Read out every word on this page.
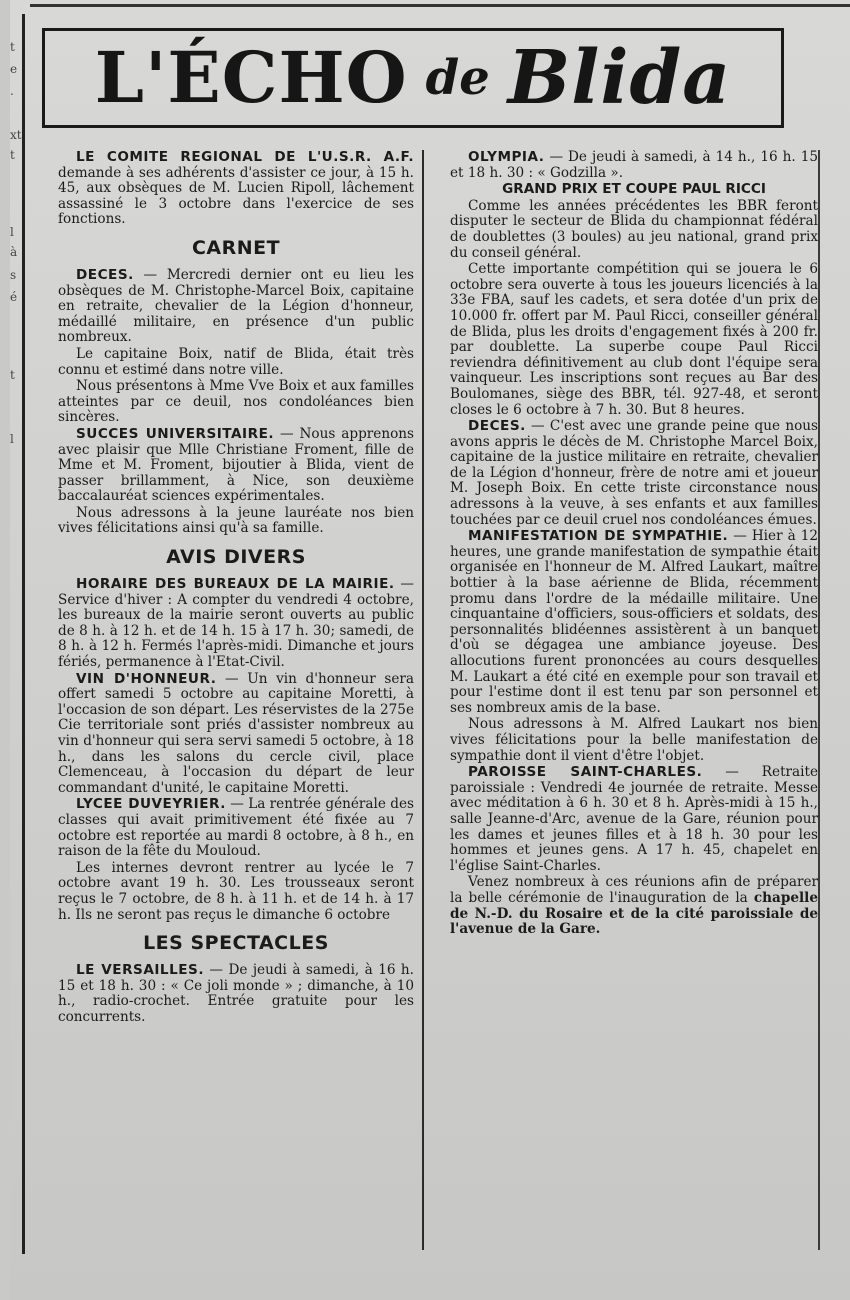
t
e
.
xt
t
l
à
s
é
t
l
L'ÉCHO de Blida

LE COMITE REGIONAL DE L'U.S.R. A.F. demande à ses adhérents d'assister ce jour, à 15 h. 45, aux obsèques de M. Lucien Ripoll, lâchement assassiné le 3 octobre dans l'exercice de ses fonctions.

CARNET

DECES. — Mercredi dernier ont eu lieu les obsèques de M. Christophe-Marcel Boix, capitaine en retraite, chevalier de la Légion d'honneur, médaillé militaire, en présence d'un public nombreux.

Le capitaine Boix, natif de Blida, était très connu et estimé dans notre ville.

Nous présentons à Mme Vve Boix et aux familles atteintes par ce deuil, nos condoléances bien sincères.

SUCCES UNIVERSITAIRE. — Nous apprenons avec plaisir que Mlle Christiane Froment, fille de Mme et M. Froment, bijoutier à Blida, vient de passer brillamment, à Nice, son deuxième baccalauréat sciences expérimentales.

Nous adressons à la jeune lauréate nos bien vives félicitations ainsi qu'à sa famille.

AVIS DIVERS

HORAIRE DES BUREAUX DE LA MAIRIE. — Service d'hiver : A compter du vendredi 4 octobre, les bureaux de la mairie seront ouverts au public de 8 h. à 12 h. et de 14 h. 15 à 17 h. 30; samedi, de 8 h. à 12 h. Fermés l'après-midi. Dimanche et jours fériés, permanence à l'Etat-Civil.

VIN D'HONNEUR. — Un vin d'honneur sera offert samedi 5 octobre au capitaine Moretti, à l'occasion de son départ. Les réservistes de la 275e Cie territoriale sont priés d'assister nombreux au vin d'honneur qui sera servi samedi 5 octobre, à 18 h., dans les salons du cercle civil, place Clemenceau, à l'occasion du départ de leur commandant d'unité, le capitaine Moretti.

LYCEE DUVEYRIER. — La rentrée générale des classes qui avait primitivement été fixée au 7 octobre est reportée au mardi 8 octobre, à 8 h., en raison de la fête du Mouloud.

Les internes devront rentrer au lycée le 7 octobre avant 19 h. 30. Les trousseaux seront reçus le 7 octobre, de 8 h. à 11 h. et de 14 h. à 17 h. Ils ne seront pas reçus le dimanche 6 octobre

LES SPECTACLES

LE VERSAILLES. — De jeudi à samedi, à 16 h. 15 et 18 h. 30 : « Ce joli monde » ; dimanche, à 10 h., radio-crochet. Entrée gratuite pour les concurrents.

OLYMPIA. — De jeudi à samedi, à 14 h., 16 h. 15 et 18 h. 30 : « Godzilla ».

GRAND PRIX ET COUPE PAUL RICCI

Comme les années précédentes les BBR feront disputer le secteur de Blida du championnat fédéral de doublettes (3 boules) au jeu national, grand prix du conseil général.

Cette importante compétition qui se jouera le 6 octobre sera ouverte à tous les joueurs licenciés à la 33e FBA, sauf les cadets, et sera dotée d'un prix de 10.000 fr. offert par M. Paul Ricci, conseiller général de Blida, plus les droits d'engagement fixés à 200 fr. par doublette. La superbe coupe Paul Ricci reviendra définitivement au club dont l'équipe sera vainqueur. Les inscriptions sont reçues au Bar des Boulomanes, siège des BBR, tél. 927-48, et seront closes le 6 octobre à 7 h. 30. But 8 heures.

DECES. — C'est avec une grande peine que nous avons appris le décès de M. Christophe Marcel Boix, capitaine de la justice militaire en retraite, chevalier de la Légion d'honneur, frère de notre ami et joueur M. Joseph Boix. En cette triste circonstance nous adressons à la veuve, à ses enfants et aux familles touchées par ce deuil cruel nos condoléances émues.

MANIFESTATION DE SYMPATHIE. — Hier à 12 heures, une grande manifestation de sympathie était organisée en l'honneur de M. Alfred Laukart, maître bottier à la base aérienne de Blida, récemment promu dans l'ordre de la médaille militaire. Une cinquantaine d'officiers, sous-officiers et soldats, des personnalités blidéennes assistèrent à un banquet d'où se dégagea une ambiance joyeuse. Des allocutions furent prononcées au cours desquelles M. Laukart a été cité en exemple pour son travail et pour l'estime dont il est tenu par son personnel et ses nombreux amis de la base.

Nous adressons à M. Alfred Laukart nos bien vives félicitations pour la belle manifestation de sympathie dont il vient d'être l'objet.

PAROISSE SAINT-CHARLES. — Retraite paroissiale : Vendredi 4e journée de retraite. Messe avec méditation à 6 h. 30 et 8 h. Après-midi à 15 h., salle Jeanne-d'Arc, avenue de la Gare, réunion pour les dames et jeunes filles et à 18 h. 30 pour les hommes et jeunes gens. A 17 h. 45, chapelet en l'église Saint-Charles.

Venez nombreux à ces réunions afin de préparer la belle cérémonie de l'inauguration de la chapelle de N.-D. du Rosaire et de la cité paroissiale de l'avenue de la Gare.
